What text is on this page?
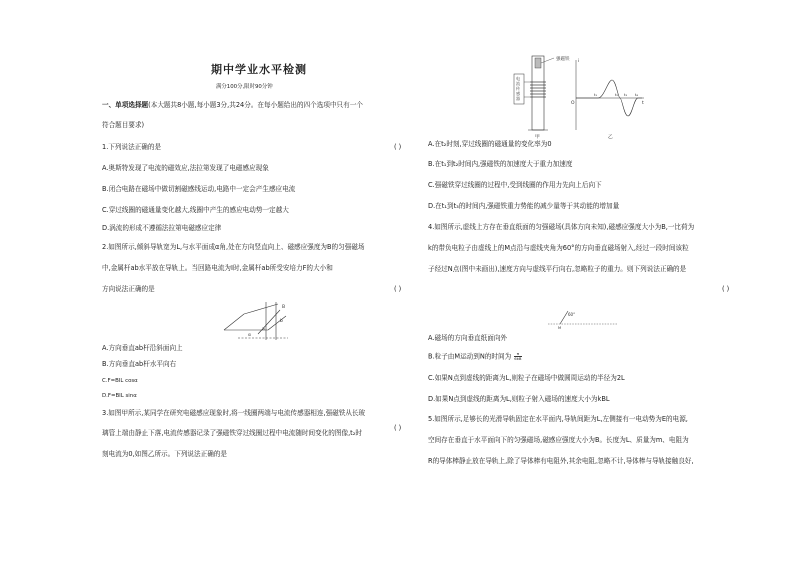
期中学业水平检测
满分100分,限时90分钟
一、单项选择题(本大题共8小题,每小题3分,共24分。在每小题给出的四个选项中只有一个
符合题目要求)
1.下列说法正确的是	( )
A.奥斯特发现了电流的磁效应,法拉第发现了电磁感应现象
B.闭合电路在磁场中做切割磁感线运动,电路中一定会产生感应电流
C.穿过线圈的磁通量变化越大,线圈中产生的感应电动势一定越大
D.涡流的形成不遵循法拉第电磁感应定律
2.如图所示,倾斜导轨宽为L,与水平面成α角,处在方向竖直向上、磁感应强度为B的匀强磁场
中,金属杆ab水平放在导轨上。当回路电流为I时,金属杆ab所受安培力F的大小和
方向说法正确的是	( )
a
b
α
B
A.方向垂直ab杆沿斜面向上
B.方向垂直ab杆水平向右
C.F=BIL cosα
D.F=BIL sinα
3.如图甲所示,某同学在研究电磁感应现象时,将一线圈两端与电流传感器相连,强磁铁从长玻
璃管上端由静止下落,电流传感器记录了强磁铁穿过线圈过程中电流随时间变化的图像,t₂时
刻电流为0,如图乙所示。下列说法正确的是
( )
强磁铁
电
流
传
感
器
甲
i
t
O
t₁	t₂ t₃ t₄
乙
A.在t₂时刻,穿过线圈的磁通量的变化率为0
B.在t₁到t₂时间内,强磁铁的加速度大于重力加速度
C.强磁铁穿过线圈的过程中,受到线圈的作用力先向上后向下
D.在t₁到t₃的时间内,强磁铁重力势能的减少量等于其动能的增加量
4.如图所示,虚线上方存在垂直纸面的匀强磁场(具体方向未知),磁感应强度大小为B,一比荷为
k的带负电粒子由虚线上的M点沿与虚线夹角为60°的方向垂直磁场射入,经过一段时间该粒
子经过N点(图中未画出),速度方向与虚线平行向右,忽略粒子的重力。则下列说法正确的是
( )
60°
M
A.磁场的方向垂直纸面向外
B.粒子由M运动到N的时间为 $\frac{\pi}{6kB}$
C.如果N点到虚线的距离为L,则粒子在磁场中做圆周运动的半径为2L
D.如果N点到虚线的距离为L,则粒子射入磁场的速度大小为kBL
5.如图所示,足够长的光滑导轨固定在水平面内,导轨间距为L,左侧接有一电动势为E的电源,
空间存在垂直于水平面向下的匀强磁场,磁感应强度大小为B。长度为L、质量为m、电阻为
R的导体棒静止放在导轨上,除了导体棒有电阻外,其余电阻,忽略不计,导体棒与导轨接触良好,
